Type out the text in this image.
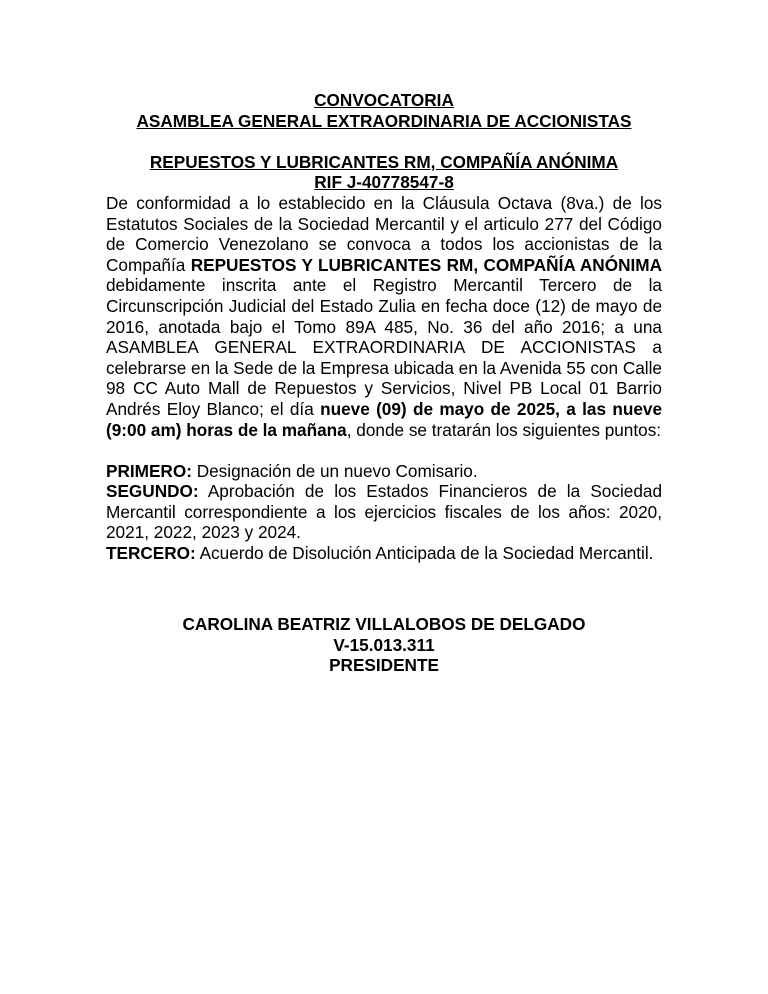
CONVOCATORIA

ASAMBLEA GENERAL EXTRAORDINARIA DE ACCIONISTAS

REPUESTOS Y LUBRICANTES RM, COMPAÑÍA ANÓNIMA

RIF J-40778547-8

De conformidad a lo establecido en la Cláusula Octava (8va.) de los Estatutos Sociales de la Sociedad Mercantil y el articulo 277 del Código de Comercio Venezolano se convoca a todos los accionistas de la Compañía REPUESTOS Y LUBRICANTES RM, COMPAÑÍA ANÓNIMA debidamente inscrita ante el Registro Mercantil Tercero de la Circunscripción Judicial del Estado Zulia en fecha doce (12) de mayo de 2016, anotada bajo el Tomo 89A 485, No. 36 del año 2016; a una ASAMBLEA GENERAL EXTRAORDINARIA DE ACCIONISTAS a celebrarse en la Sede de la Empresa ubicada en la Avenida 55 con Calle 98 CC Auto Mall de Repuestos y Servicios, Nivel PB Local 01 Barrio Andrés Eloy Blanco; el día nueve (09) de mayo de 2025, a las nueve (9:00 am) horas de la mañana, donde se tratarán los siguientes puntos:

PRIMERO: Designación de un nuevo Comisario.

SEGUNDO: Aprobación de los Estados Financieros de la Sociedad Mercantil correspondiente a los ejercicios fiscales de los años: 2020, 2021, 2022, 2023 y 2024.

TERCERO: Acuerdo de Disolución Anticipada de la Sociedad Mercantil.

CAROLINA BEATRIZ VILLALOBOS DE DELGADO
V-15.013.311
PRESIDENTE
